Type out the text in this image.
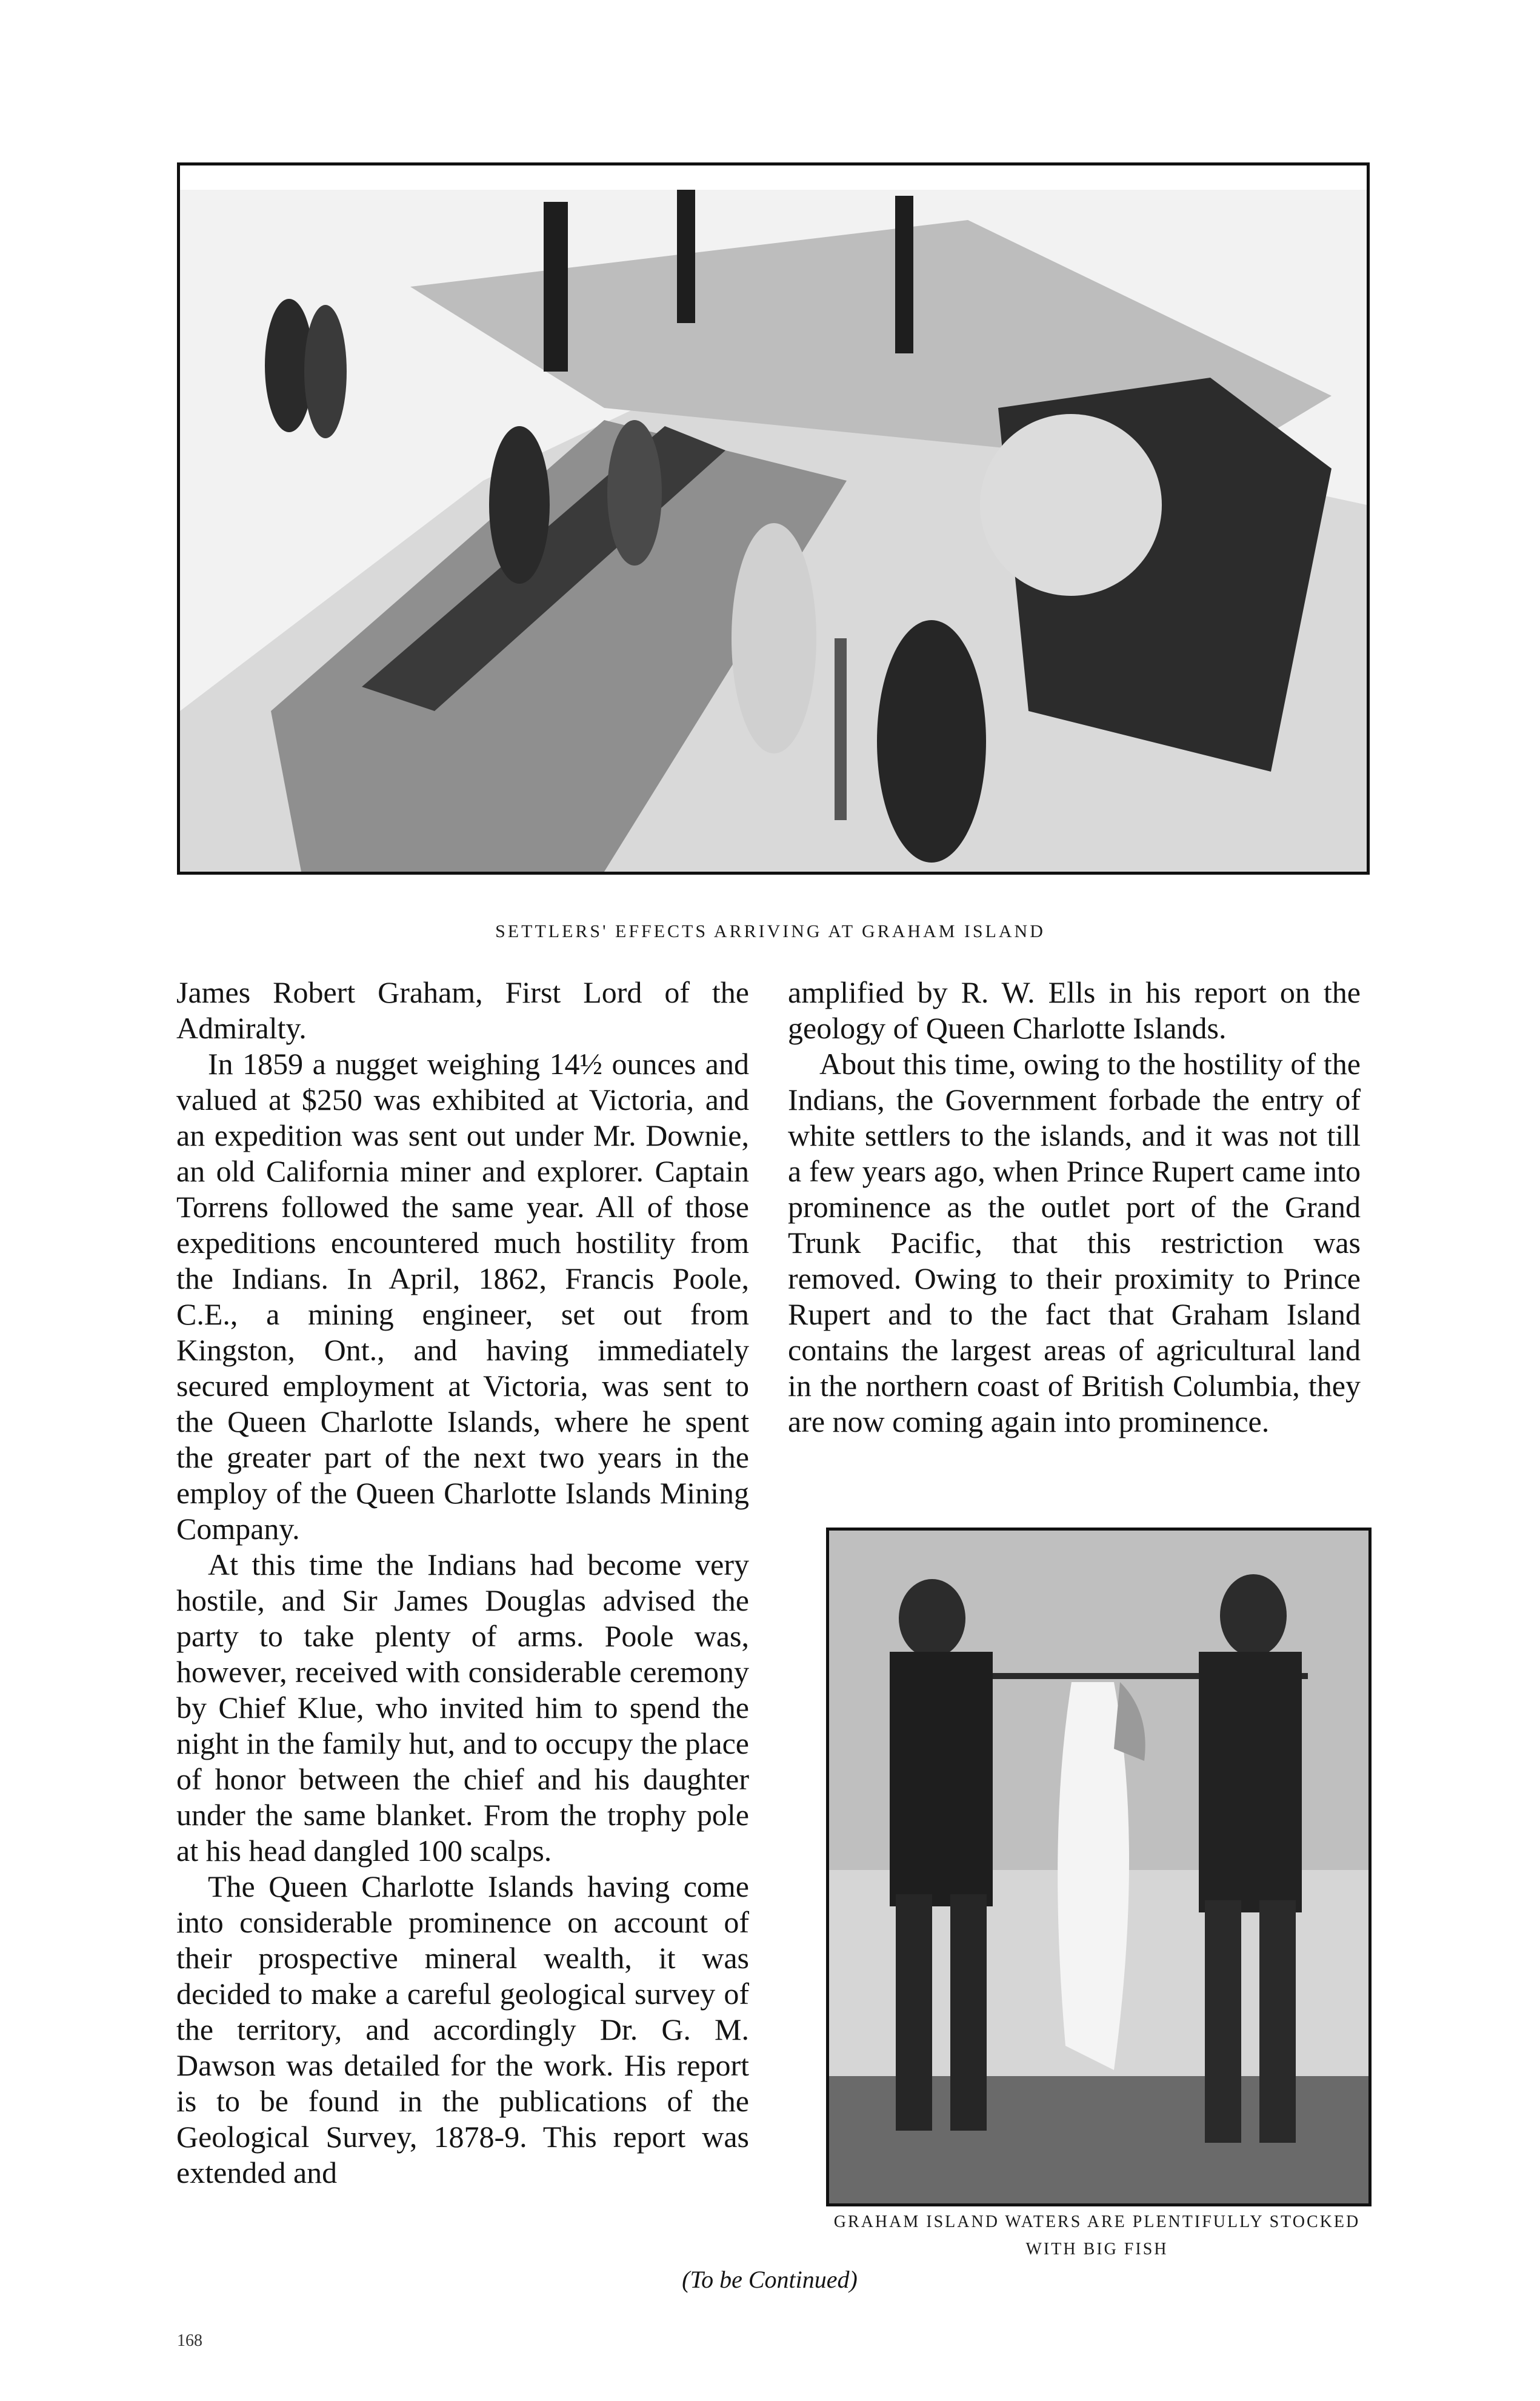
SETTLERS' EFFECTS ARRIVING AT GRAHAM ISLAND

James Robert Graham, First Lord of the Admiralty.

In 1859 a nugget weighing 14½ ounces and valued at $250 was exhibited at Victoria, and an expedition was sent out under Mr. Downie, an old California miner and explorer. Captain Torrens followed the same year. All of those expeditions encountered much hostility from the Indians. In April, 1862, Francis Poole, C.E., a mining engineer, set out from Kingston, Ont., and having immediately secured employment at Victoria, was sent to the Queen Charlotte Islands, where he spent the greater part of the next two years in the employ of the Queen Charlotte Islands Mining Company.

At this time the Indians had become very hostile, and Sir James Douglas advised the party to take plenty of arms. Poole was, however, received with considerable ceremony by Chief Klue, who invited him to spend the night in the family hut, and to occupy the place of honor between the chief and his daughter under the same blanket. From the trophy pole at his head dangled 100 scalps.

The Queen Charlotte Islands having come into considerable prominence on account of their prospective mineral wealth, it was decided to make a careful geological survey of the territory, and accordingly Dr. G. M. Dawson was detailed for the work. His report is to be found in the publications of the Geological Survey, 1878-9. This report was extended and

amplified by R. W. Ells in his report on the geology of Queen Charlotte Islands.

About this time, owing to the hostility of the Indians, the Government forbade the entry of white settlers to the islands, and it was not till a few years ago, when Prince Rupert came into prominence as the outlet port of the Grand Trunk Pacific, that this restriction was removed. Owing to their proximity to Prince Rupert and to the fact that Graham Island contains the largest areas of agricultural land in the northern coast of British Columbia, they are now coming again into prominence.

GRAHAM ISLAND WATERS ARE PLENTIFULLY STOCKED
WITH BIG FISH
(To be Continued)
168
